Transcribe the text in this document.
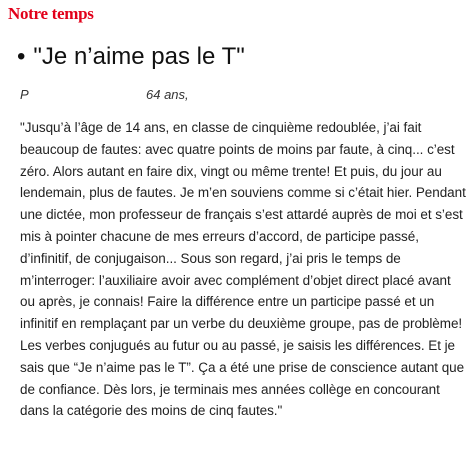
Notre temps
• "Je n’aime pas le T"
P	64 ans,

"Jusqu’à l’âge de 14 ans, en classe de cinquième redoublée, j’ai fait beaucoup de fautes: avec quatre points de moins par faute, à cinq... c’est zéro. Alors autant en faire dix, vingt ou même trente! Et puis, du jour au lendemain, plus de fautes. Je m’en souviens comme si c’était hier. Pendant une dictée, mon professeur de français s’est attardé auprès de moi et s’est mis à pointer chacune de mes erreurs d’accord, de participe passé, d’infinitif, de conjugaison... Sous son regard, j’ai pris le temps de m’interroger: l’auxiliaire avoir avec complément d’objet direct placé avant ou après, je connais! Faire la différence entre un participe passé et un infinitif en remplaçant par un verbe du deuxième groupe, pas de problème! Les verbes conjugués au futur ou au passé, je saisis les différences. Et je sais que “Je n’aime pas le T”. Ça a été une prise de conscience autant que de confiance. Dès lors, je terminais mes années collège en concourant dans la catégorie des moins de cinq fautes."
